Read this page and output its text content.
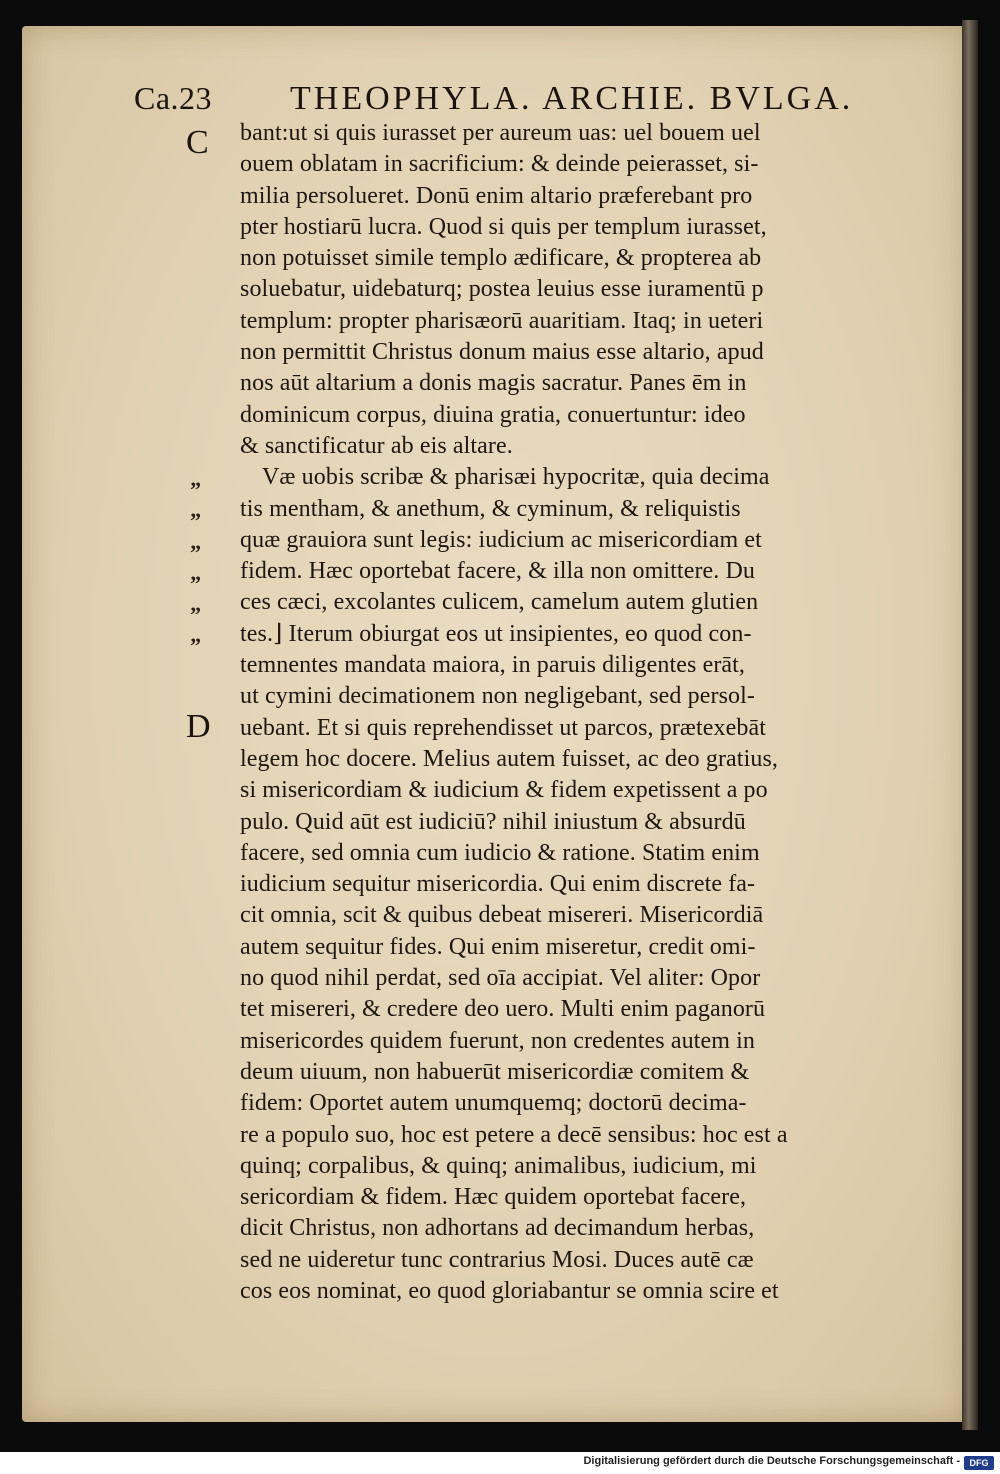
Ca.23 THEOPHYLA. ARCHIE. BVLGA.
C
D
”
”
”
”
”
”
bant:ut si quis iurasset per aureum uas: uel bouem uel
ouem oblatam in sacrificium: & deinde peierasset, si-
milia persolueret. Donū enim altario præferebant pro
pter hostiarū lucra. Quod si quis per templum iurasset,
non potuisset simile templo ædificare, & propterea ab
soluebatur, uidebaturq; postea leuius esse iuramentū p
templum: propter pharisæorū auaritiam. Itaq; in ueteri
non permittit Christus donum maius esse altario, apud
nos aūt altarium a donis magis sacratur. Panes ēm in
dominicum corpus, diuina gratia, conuertuntur: ideo
& sanctificatur ab eis altare.
Væ uobis scribæ & pharisæi hypocritæ, quia decima
tis mentham, & anethum, & cyminum, & reliquistis
quæ grauiora sunt legis: iudicium ac misericordiam et
fidem. Hæc oportebat facere, & illa non omittere. Du
ces cæci, excolantes culicem, camelum autem glutien
tes.⌋ Iterum obiurgat eos ut insipientes, eo quod con-
temnentes mandata maiora, in paruis diligentes erāt,
ut cymini decimationem non negligebant, sed persol-
uebant. Et si quis reprehendisset ut parcos, prætexebāt
legem hoc docere. Melius autem fuisset, ac deo gratius,
si misericordiam & iudicium & fidem expetissent a po
pulo. Quid aūt est iudiciū? nihil iniustum & absurdū
facere, sed omnia cum iudicio & ratione. Statim enim
iudicium sequitur misericordia. Qui enim discrete fa-
cit omnia, scit & quibus debeat misereri. Misericordiā
autem sequitur fides. Qui enim miseretur, credit omi-
no quod nihil perdat, sed oīa accipiat. Vel aliter: Opor
tet misereri, & credere deo uero. Multi enim paganorū
misericordes quidem fuerunt, non credentes autem in
deum uiuum, non habuerūt misericordiæ comitem &
fidem: Oportet autem unumquemq; doctorū decima-
re a populo suo, hoc est petere a decē sensibus: hoc est a
quinq; corpalibus, & quinq; animalibus, iudicium, mi
sericordiam & fidem. Hæc quidem oportebat facere,
dicit Christus, non adhortans ad decimandum herbas,
sed ne uideretur tunc contrarius Mosi. Duces autē cæ
cos eos nominat, eo quod gloriabantur se omnia scire et
Digitalisierung gefördert durch die Deutsche Forschungsgemeinschaft -	DFG
